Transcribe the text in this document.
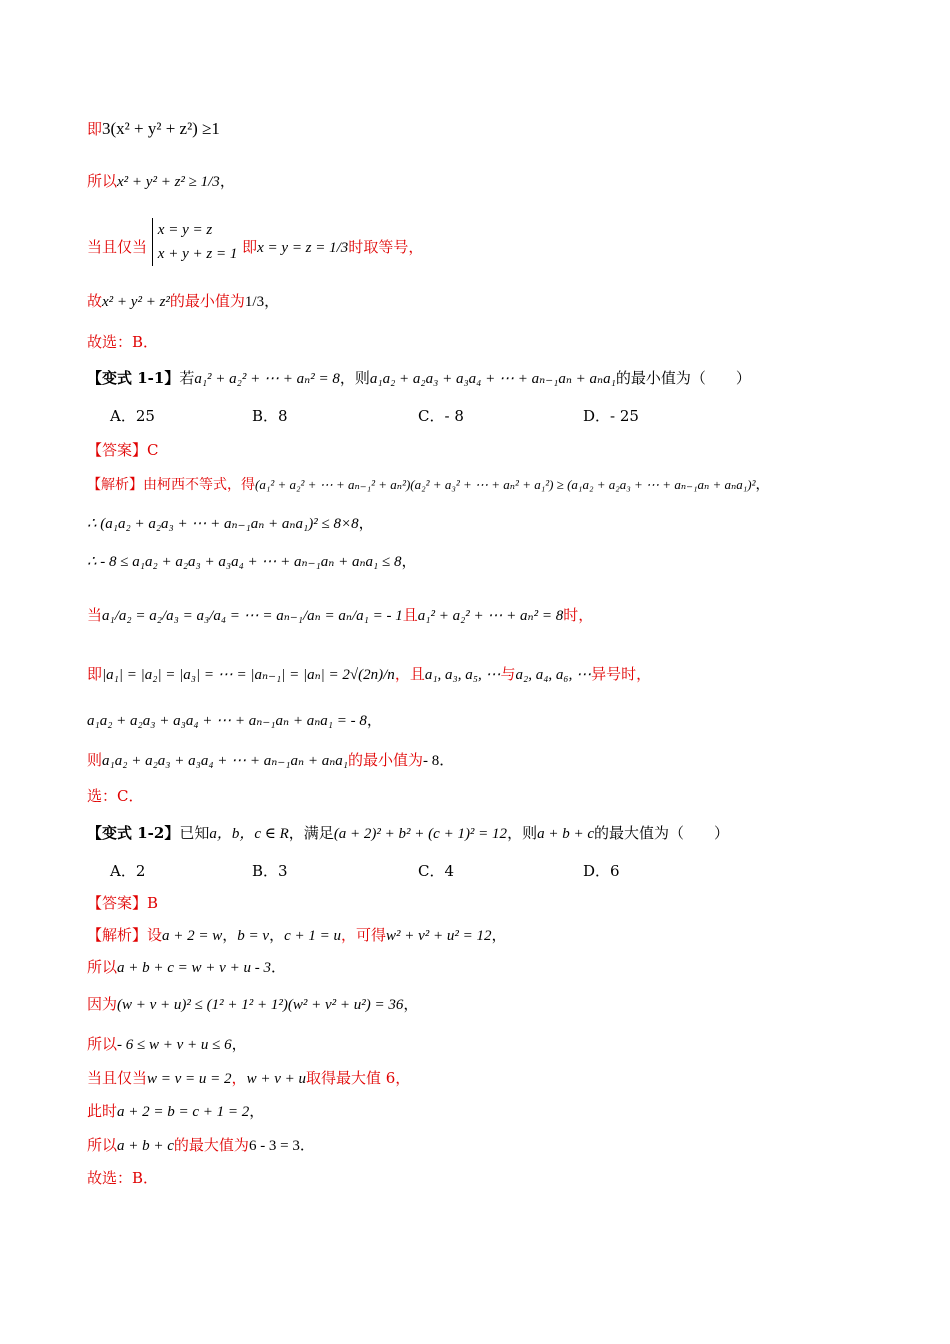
即3(x² + y² + z²) ≥1
所以x² + y² + z² ≥ 1/3，
当且仅当
x = y = z
x + y + z = 1 即x = y = z = 1/3时取等号，
故x² + y² + z²的最小值为1/3，
故选：B．
【变式 1-1】若a₁² + a₂² + ⋯ + aₙ² = 8，则a₁a₂ + a₂a₃ + a₃a₄ + ⋯ + aₙ₋₁aₙ + aₙa₁的最小值为（　　）
A．25	B．8	C．- 8	D．- 25
【答案】C
【解析】由柯西不等式，得(a₁² + a₂² + ⋯ + aₙ₋₁² + aₙ²)(a₂² + a₃² + ⋯ + aₙ² + a₁²) ≥ (a₁a₂ + a₂a₃ + ⋯ + aₙ₋₁aₙ + aₙa₁)²，
∴ (a₁a₂ + a₂a₃ + ⋯ + aₙ₋₁aₙ + aₙa₁)² ≤ 8×8，
∴ - 8 ≤ a₁a₂ + a₂a₃ + a₃a₄ + ⋯ + aₙ₋₁aₙ + aₙa₁ ≤ 8，
当a₁/a₂ = a₂/a₃ = a₃/a₄ = ⋯ = aₙ₋₁/aₙ = aₙ/a₁ = - 1且a₁² + a₂² + ⋯ + aₙ² = 8时，
即|a₁| = |a₂| = |a₃| = ⋯ = |aₙ₋₁| = |aₙ| = 2√(2n)/n，且a₁, a₃, a₅, ⋯与a₂, a₄, a₆, ⋯异号时，
a₁a₂ + a₂a₃ + a₃a₄ + ⋯ + aₙ₋₁aₙ + aₙa₁ = - 8，
则a₁a₂ + a₂a₃ + a₃a₄ + ⋯ + aₙ₋₁aₙ + aₙa₁的最小值为- 8．
选：C．
【变式 1-2】已知a，b，c ∈ R，满足(a + 2)² + b² + (c + 1)² = 12，则a + b + c的最大值为（　　）
A．2	B．3	C．4	D．6
【答案】B
【解析】设a + 2 = w，b = v，c + 1 = u，可得w² + v² + u² = 12，
所以a + b + c = w + v + u - 3．
因为(w + v + u)² ≤ (1² + 1² + 1²)(w² + v² + u²) = 36，
所以- 6 ≤ w + v + u ≤ 6，
当且仅当w = v = u = 2，w + v + u取得最大值 6，
此时a + 2 = b = c + 1 = 2，
所以a + b + c的最大值为6 - 3 = 3．
故选：B．
